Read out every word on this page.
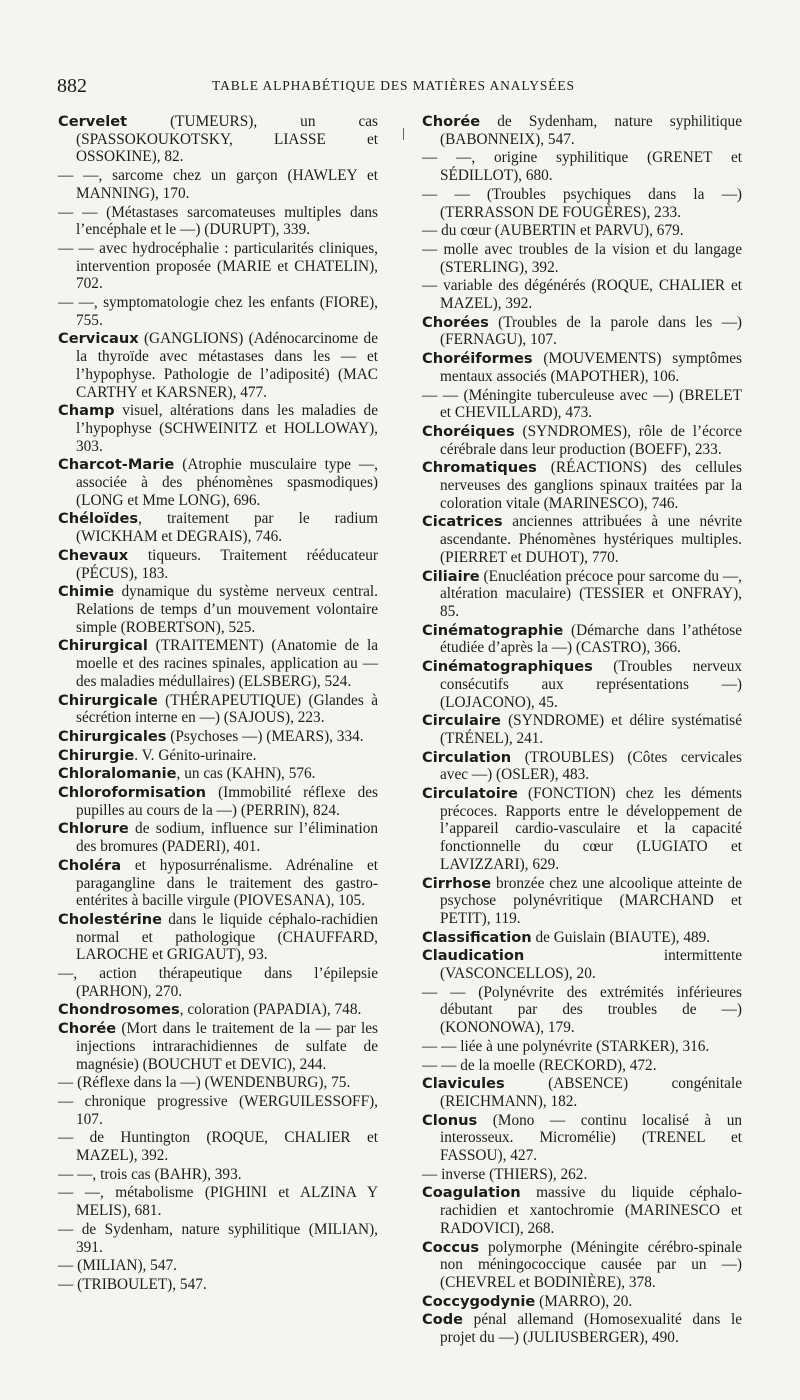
882	TABLE ALPHABÉTIQUE DES MATIÈRES ANALYSÉES
Cervelet (TUMEURS), un cas (SPASSOKOUKOTSKY, LIASSE et OSSOKINE), 82.
— —, sarcome chez un garçon (HAWLEY et MANNING), 170.
— — (Métastases sarcomateuses multiples dans l’encéphale et le —) (DURUPT), 339.
— — avec hydrocéphalie : particularités cliniques, intervention proposée (MARIE et CHATELIN), 702.
— —, symptomatologie chez les enfants (FIORE), 755.
Cervicaux (GANGLIONS) (Adénocarcinome de la thyroïde avec métastases dans les — et l’hypophyse. Pathologie de l’adiposité) (MAC CARTHY et KARSNER), 477.
Champ visuel, altérations dans les maladies de l’hypophyse (SCHWEINITZ et HOLLOWAY), 303.
Charcot-Marie (Atrophie musculaire type —, associée à des phénomènes spasmodiques) (LONG et Mme LONG), 696.
Chéloïdes, traitement par le radium (WICKHAM et DEGRAIS), 746.
Chevaux tiqueurs. Traitement rééducateur (PÉCUS), 183.
Chimie dynamique du système nerveux central. Relations de temps d’un mouvement volontaire simple (ROBERTSON), 525.
Chirurgical (TRAITEMENT) (Anatomie de la moelle et des racines spinales, application au — des maladies médullaires) (ELSBERG), 524.
Chirurgicale (THÉRAPEUTIQUE) (Glandes à sécrétion interne en —) (SAJOUS), 223.
Chirurgicales (Psychoses —) (MEARS), 334.
Chirurgie. V. Génito-urinaire.
Chloralomanie, un cas (KAHN), 576.
Chloroformisation (Immobilité réflexe des pupilles au cours de la —) (PERRIN), 824.
Chlorure de sodium, influence sur l’élimination des bromures (PADERI), 401.
Choléra et hyposurrénalisme. Adrénaline et paragangline dans le traitement des gastro-entérites à bacille virgule (PIOVESANA), 105.
Cholestérine dans le liquide céphalo-rachidien normal et pathologique (CHAUFFARD, LAROCHE et GRIGAUT), 93.
—, action thérapeutique dans l’épilepsie (PARHON), 270.
Chondrosomes, coloration (PAPADIA), 748.
Chorée (Mort dans le traitement de la — par les injections intrarachidiennes de sulfate de magnésie) (BOUCHUT et DEVIC), 244.
— (Réflexe dans la —) (WENDENBURG), 75.
— chronique progressive (WERGUILESSOFF), 107.
— de Huntington (ROQUE, CHALIER et MAZEL), 392.
— —, trois cas (BAHR), 393.
— —, métabolisme (PIGHINI et ALZINA Y MELIS), 681.
— de Sydenham, nature syphilitique (MILIAN), 391.
— (MILIAN), 547.
— (TRIBOULET), 547.
Chorée de Sydenham, nature syphilitique (BABONNEIX), 547.
— —, origine syphilitique (GRENET et SÉDILLOT), 680.
— — (Troubles psychiques dans la —) (TERRASSON DE FOUGÈRES), 233.
— du cœur (AUBERTIN et PARVU), 679.
— molle avec troubles de la vision et du langage (STERLING), 392.
— variable des dégénérés (ROQUE, CHALIER et MAZEL), 392.
Chorées (Troubles de la parole dans les —) (FERNAGU), 107.
Choréiformes (MOUVEMENTS) symptômes mentaux associés (MAPOTHER), 106.
— — (Méningite tuberculeuse avec —) (BRELET et CHEVILLARD), 473.
Choréiques (SYNDROMES), rôle de l’écorce cérébrale dans leur production (BOEFF), 233.
Chromatiques (RÉACTIONS) des cellules nerveuses des ganglions spinaux traitées par la coloration vitale (MARINESCO), 746.
Cicatrices anciennes attribuées à une névrite ascendante. Phénomènes hystériques multiples. (PIERRET et DUHOT), 770.
Ciliaire (Enucléation précoce pour sarcome du —, altération maculaire) (TESSIER et ONFRAY), 85.
Cinématographie (Démarche dans l’athétose étudiée d’après la —) (CASTRO), 366.
Cinématographiques (Troubles nerveux consécutifs aux représentations —) (LOJACONO), 45.
Circulaire (SYNDROME) et délire systématisé (TRÉNEL), 241.
Circulation (TROUBLES) (Côtes cervicales avec —) (OSLER), 483.
Circulatoire (FONCTION) chez les déments précoces. Rapports entre le développement de l’appareil cardio-vasculaire et la capacité fonctionnelle du cœur (LUGIATO et LAVIZZARI), 629.
Cirrhose bronzée chez une alcoolique atteinte de psychose polynévritique (MARCHAND et PETIT), 119.
Classification de Guislain (BIAUTE), 489.
Claudication intermittente (VASCONCELLOS), 20.
— — (Polynévrite des extrémités inférieures débutant par des troubles de —) (KONONOWA), 179.
— — liée à une polynévrite (STARKER), 316.
— — de la moelle (RECKORD), 472.
Clavicules (ABSENCE) congénitale (REICHMANN), 182.
Clonus (Mono — continu localisé à un interosseux. Micromélie) (TRENEL et FASSOU), 427.
— inverse (THIERS), 262.
Coagulation massive du liquide céphalo-rachidien et xantochromie (MARINESCO et RADOVICI), 268.
Coccus polymorphe (Méningite cérébro-spinale non méningococcique causée par un —) (CHEVREL et BODINIÈRE), 378.
Coccygodynie (MARRO), 20.
Code pénal allemand (Homosexualité dans le projet du —) (JULIUSBERGER), 490.
